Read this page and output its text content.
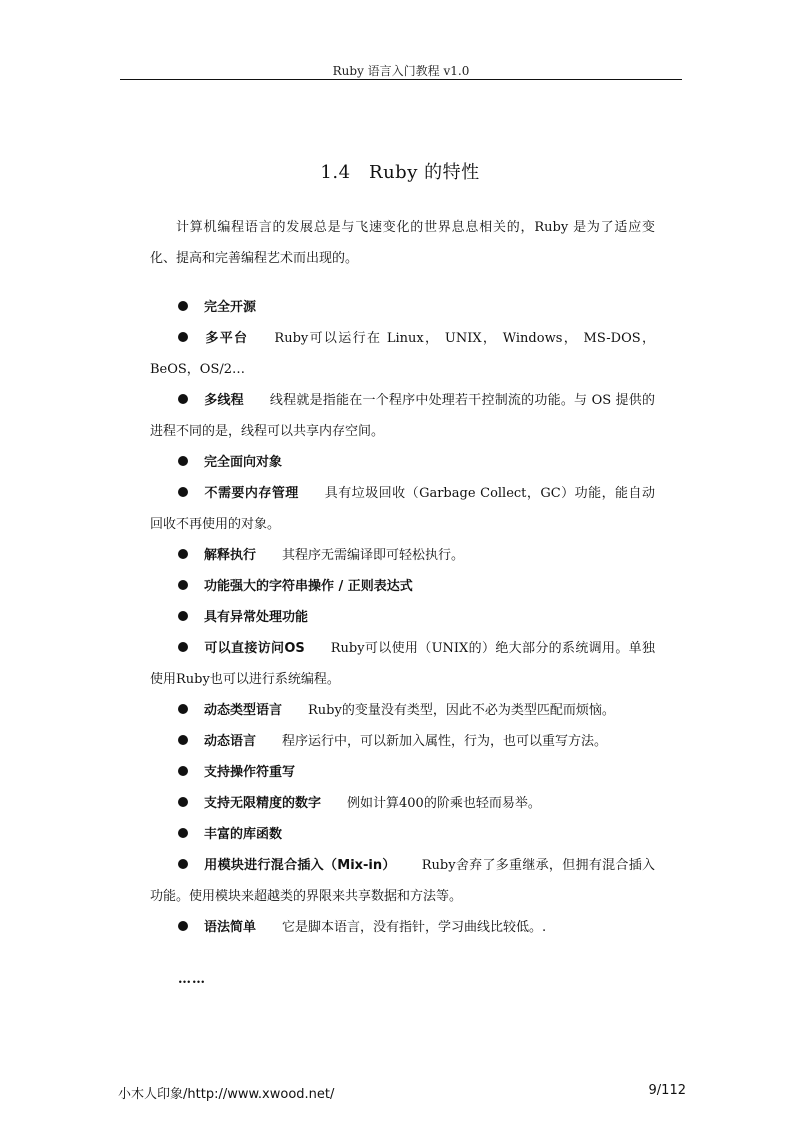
Ruby 语言入门教程 v1.0
1.4　Ruby 的特性

计算机编程语言的发展总是与飞速变化的世界息息相关的，Ruby 是为了适应变化、提高和完善编程艺术而出现的。

完全开源
多平台 Ruby可以运行在 Linux， UNIX， Windows， MS-DOS，BeOS，OS/2…
多线程 线程就是指能在一个程序中处理若干控制流的功能。与 OS 提供的进程不同的是，线程可以共享内存空间。
完全面向对象
不需要内存管理 具有垃圾回收（Garbage Collect，GC）功能，能自动回收不再使用的对象。
解释执行 其程序无需编译即可轻松执行。
功能强大的字符串操作 / 正则表达式
具有异常处理功能
可以直接访问OS Ruby可以使用（UNIX的）绝大部分的系统调用。单独使用Ruby也可以进行系统编程。
动态类型语言 Ruby的变量没有类型，因此不必为类型匹配而烦恼。
动态语言 程序运行中，可以新加入属性，行为，也可以重写方法。
支持操作符重写
支持无限精度的数字 例如计算400的阶乘也轻而易举。
丰富的库函数
用模块进行混合插入（Mix-in） Ruby舍弃了多重继承，但拥有混合插入功能。使用模块来超越类的界限来共享数据和方法等。
语法简单 它是脚本语言，没有指针，学习曲线比较低。.
……
小木人印象/http://www.xwood.net/	9/112
